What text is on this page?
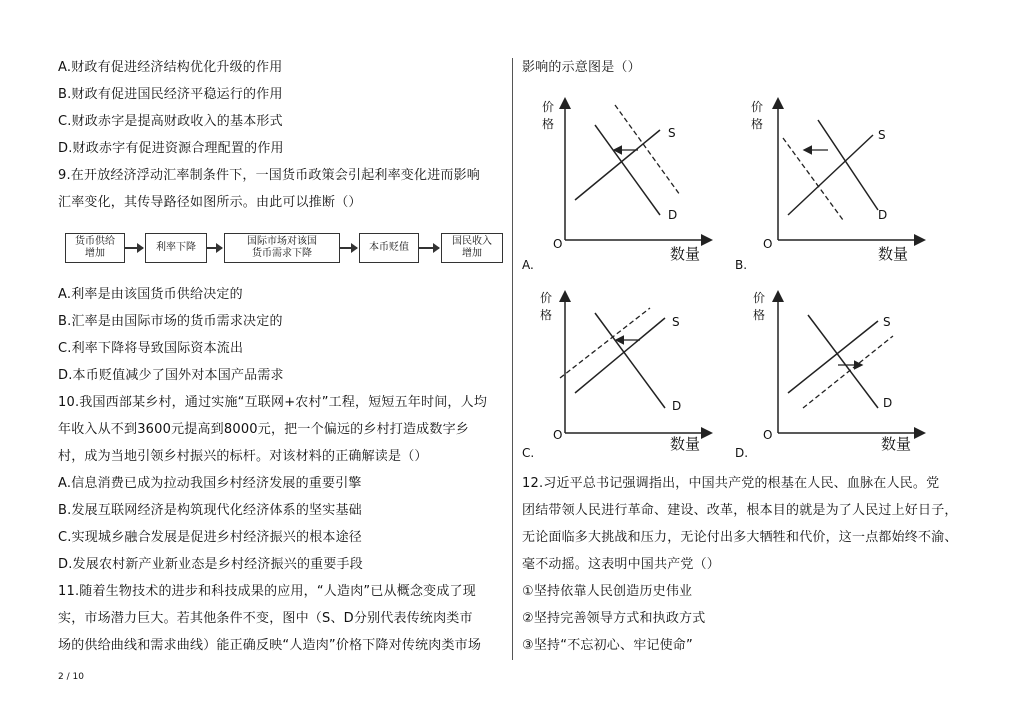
A.财政有促进经济结构优化升级的作用
B.财政有促进国民经济平稳运行的作用
C.财政赤字是提高财政收入的基本形式
D.财政赤字有促进资源合理配置的作用
9.在开放经济浮动汇率制条件下，一国货币政策会引起利率变化进而影响
汇率变化，其传导路径如图所示。由此可以推断（）
货币供给
增加
利率下降
国际市场对该国
货币需求下降
本币贬值
国民收入
增加
A.利率是由该国货币供给决定的
B.汇率是由国际市场的货币需求决定的
C.利率下降将导致国际资本流出
D.本币贬值减少了国外对本国产品需求
10.我国西部某乡村，通过实施“互联网+农村”工程，短短五年时间，人均
年收入从不到3600元提高到8000元，把一个偏远的乡村打造成数字乡
村，成为当地引领乡村振兴的标杆。对该材料的正确解读是（）
A.信息消费已成为拉动我国乡村经济发展的重要引擎
B.发展互联网经济是构筑现代化经济体系的坚实基础
C.实现城乡融合发展是促进乡村经济振兴的根本途径
D.发展农村新产业新业态是乡村经济振兴的重要手段
11.随着生物技术的进步和科技成果的应用，“人造肉”已从概念变成了现
实，市场潜力巨大。若其他条件不变，图中（S、D分别代表传统肉类市
场的供给曲线和需求曲线）能正确反映“人造肉”价格下降对传统肉类市场
影响的示意图是（）
价
格
S
D
O
数量
A.
价
格
S
D
O
数量
B.
价
格	S
D
O	数量
C.
价
格	S
D
O	数量
D.
12.习近平总书记强调指出，中国共产党的根基在人民、血脉在人民。党
团结带领人民进行革命、建设、改革，根本目的就是为了人民过上好日子，
无论面临多大挑战和压力，无论付出多大牺牲和代价，这一点都始终不渝、
毫不动摇。这表明中国共产党（）
①坚持依靠人民创造历史伟业
②坚持完善领导方式和执政方式
③坚持“不忘初心、牢记使命”
2 / 10
